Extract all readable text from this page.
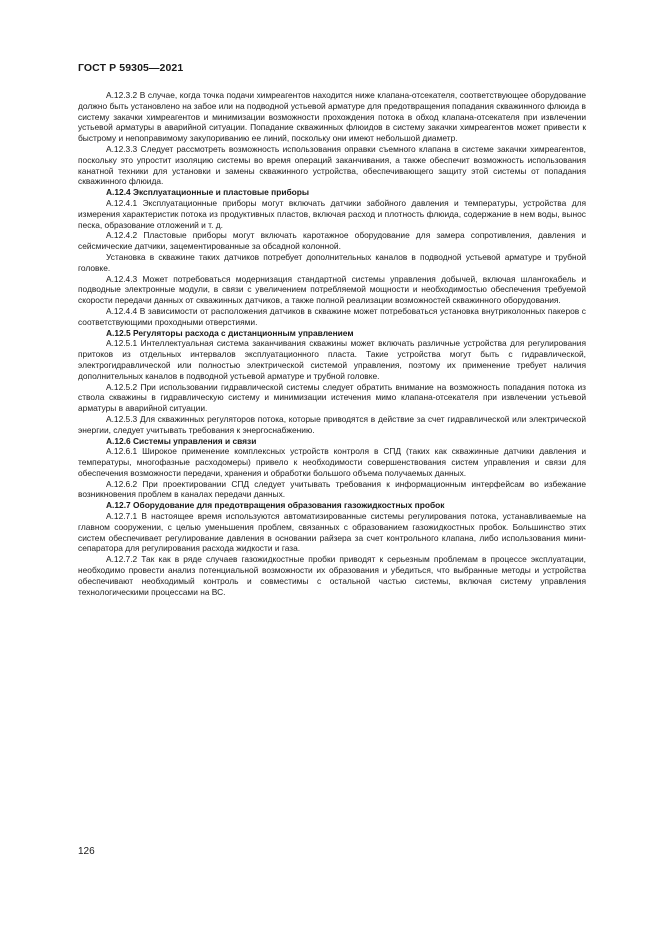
ГОСТ Р 59305—2021

А.12.3.2 В случае, когда точка подачи химреагентов находится ниже клапана-отсекателя, соответствующее оборудование должно быть установлено на забое или на подводной устьевой арматуре для предотвращения попадания скважинного флюида в систему закачки химреагентов и минимизации возможности прохождения потока в обход клапана-отсекателя при извлечении устьевой арматуры в аварийной ситуации. Попадание скважинных флюидов в систему закачки химреагентов может привести к быстрому и непоправимому закупориванию ее линий, поскольку они имеют небольшой диаметр.

А.12.3.3 Следует рассмотреть возможность использования оправки съемного клапана в системе закачки химреагентов, поскольку это упростит изоляцию системы во время операций заканчивания, а также обеспечит возможность использования канатной техники для установки и замены скважинного устройства, обеспечивающего защиту этой системы от попадания скважинного флюида.

А.12.4 Эксплуатационные и пластовые приборы

А.12.4.1 Эксплуатационные приборы могут включать датчики забойного давления и температуры, устройства для измерения характеристик потока из продуктивных пластов, включая расход и плотность флюида, содержание в нем воды, вынос песка, образование отложений и т. д.

А.12.4.2 Пластовые приборы могут включать каротажное оборудование для замера сопротивления, давления и сейсмические датчики, зацементированные за обсадной колонной.

Установка в скважине таких датчиков потребует дополнительных каналов в подводной устьевой арматуре и трубной головке.

А.12.4.3 Может потребоваться модернизация стандартной системы управления добычей, включая шлангокабель и подводные электронные модули, в связи с увеличением потребляемой мощности и необходимостью обеспечения требуемой скорости передачи данных от скважинных датчиков, а также полной реализации возможностей скважинного оборудования.

А.12.4.4 В зависимости от расположения датчиков в скважине может потребоваться установка внутриколонных пакеров с соответствующими проходными отверстиями.

А.12.5 Регуляторы расхода с дистанционным управлением

А.12.5.1 Интеллектуальная система заканчивания скважины может включать различные устройства для регулирования притоков из отдельных интервалов эксплуатационного пласта. Такие устройства могут быть с гидравлической, электрогидравлической или полностью электрической системой управления, поэтому их применение требует наличия дополнительных каналов в подводной устьевой арматуре и трубной головке.

А.12.5.2 При использовании гидравлической системы следует обратить внимание на возможность попадания потока из ствола скважины в гидравлическую систему и минимизации истечения мимо клапана-отсекателя при извлечении устьевой арматуры в аварийной ситуации.

А.12.5.3 Для скважинных регуляторов потока, которые приводятся в действие за счет гидравлической или электрической энергии, следует учитывать требования к энергоснабжению.

А.12.6 Системы управления и связи

А.12.6.1 Широкое применение комплексных устройств контроля в СПД (таких как скважинные датчики давления и температуры, многофазные расходомеры) привело к необходимости совершенствования систем управления и связи для обеспечения возможности передачи, хранения и обработки большого объема получаемых данных.

А.12.6.2 При проектировании СПД следует учитывать требования к информационным интерфейсам во избежание возникновения проблем в каналах передачи данных.

А.12.7 Оборудование для предотвращения образования газожидкостных пробок

А.12.7.1 В настоящее время используются автоматизированные системы регулирования потока, устанавливаемые на главном сооружении, с целью уменьшения проблем, связанных с образованием газожидкостных пробок. Большинство этих систем обеспечивает регулирование давления в основании райзера за счет контрольного клапана, либо использования мини-сепаратора для регулирования расхода жидкости и газа.

А.12.7.2 Так как в ряде случаев газожидкостные пробки приводят к серьезным проблемам в процессе эксплуатации, необходимо провести анализ потенциальной возможности их образования и убедиться, что выбранные методы и устройства обеспечивают необходимый контроль и совместимы с остальной частью системы, включая систему управления технологическими процессами на ВС.

126
